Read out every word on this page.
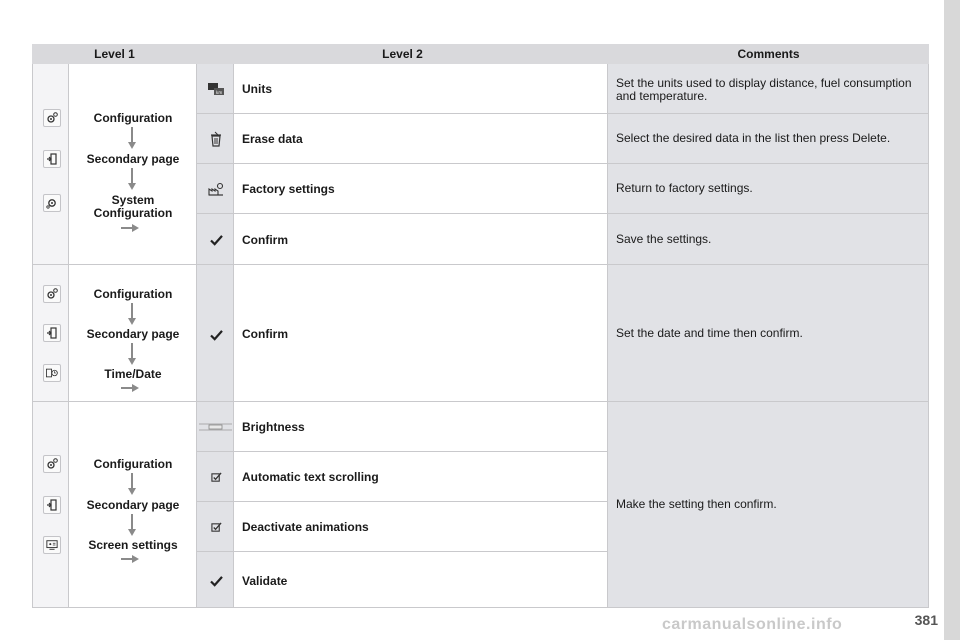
Level 1	Level 2	Comments
Configuration
Secondary page
System Configuration
km Units	Set the units used to display distance, fuel consumption and temperature.
Erase data	Select the desired data in the list then press Delete.
Factory settings	Return to factory settings.
Confirm	Save the settings.
Configuration
Secondary page
Time/Date
Confirm	Set the date and time then confirm.
Configuration
Secondary page
Screen settings
Brightness
Automatic text scrolling
Deactivate animations
Validate
Make the setting then confirm.
carmanualsonline.info	381
